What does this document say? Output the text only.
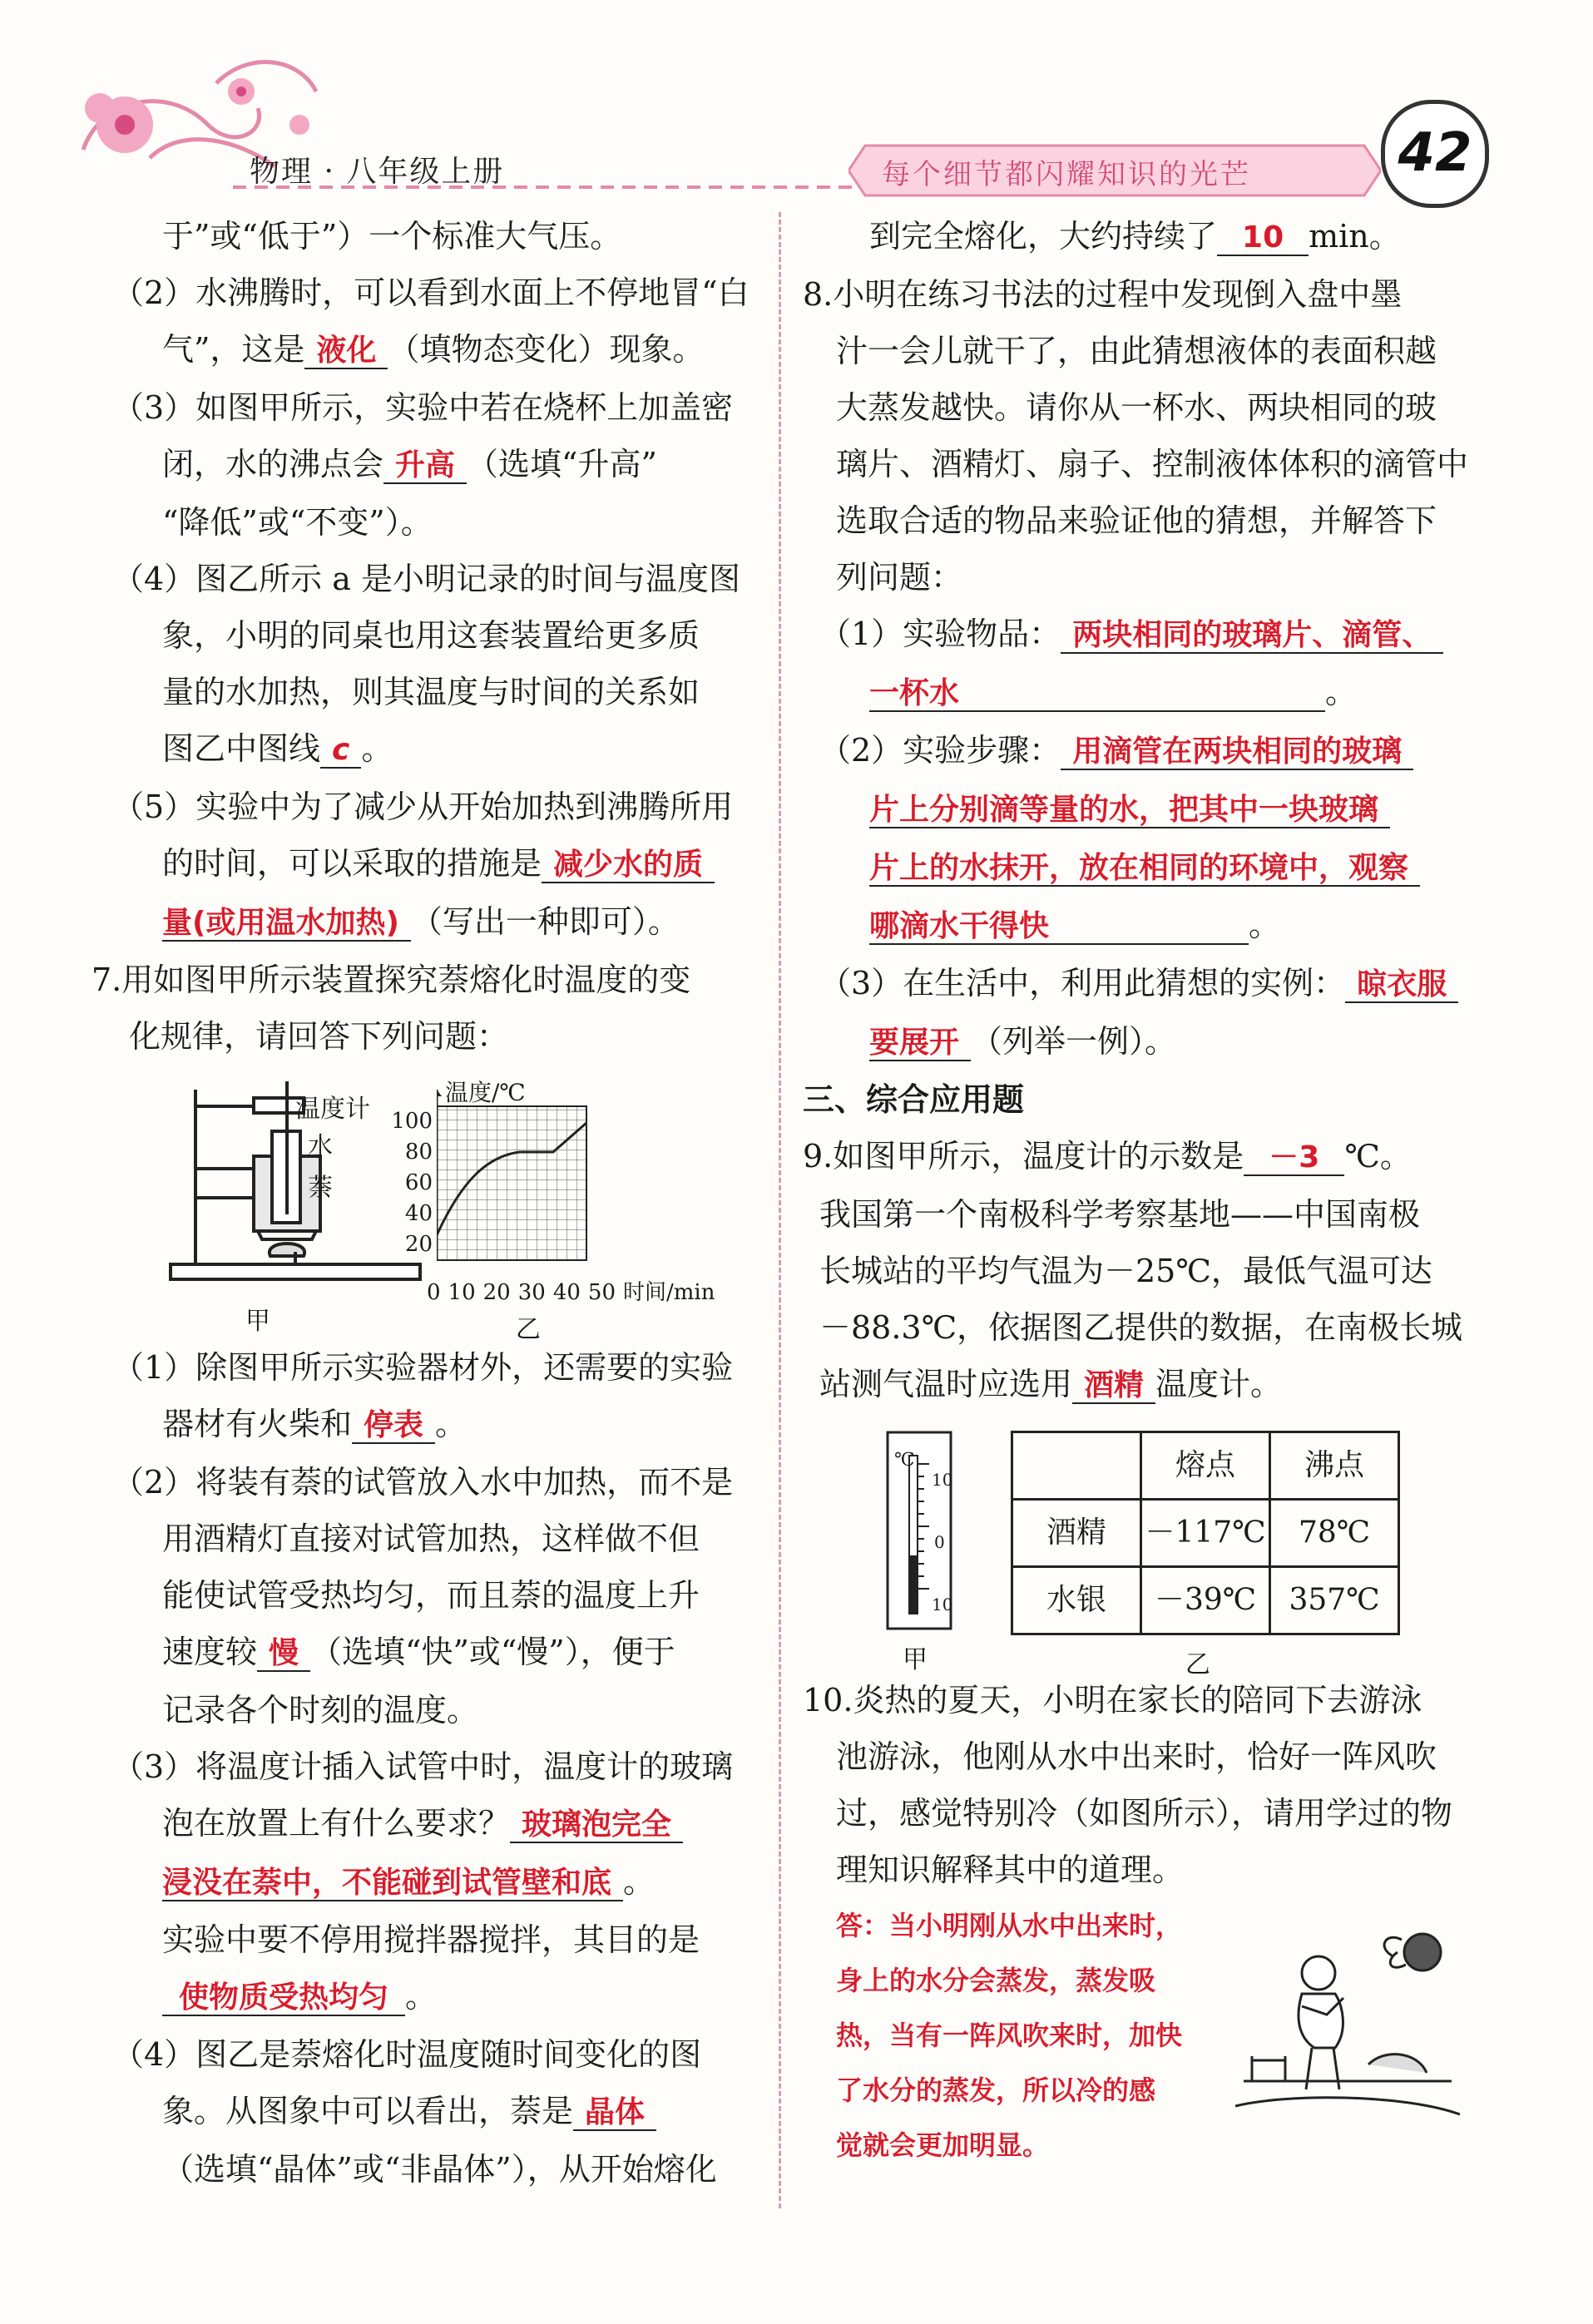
物理 · 八年级上册	每个细节都闪耀知识的光芒	42

于”或“低于”）一个标准大气压。

（2）水沸腾时，可以看到水面上不停地冒“白

气”，这是 液化 （填物态变化）现象。

（3）如图甲所示，实验中若在烧杯上加盖密

闭，水的沸点会 升高 （选填“升高”

“降低”或“不变”）。

（4）图乙所示 a 是小明记录的时间与温度图

象，小明的同桌也用这套装置给更多质

量的水加热，则其温度与时间的关系如

图乙中图线 c 。

（5）实验中为了减少从开始加热到沸腾所用

的时间，可以采取的措施是 减少水的质

量(或用温水加热) （写出一种即可）。

7.用如图甲所示装置探究萘熔化时温度的变

化规律，请回答下列问题：

温度计
水
萘
甲
温度/℃
100
80
60
40
20
0 10 20 30 40 50 时间/min
乙

（1）除图甲所示实验器材外，还需要的实验

器材有火柴和 停表 。

（2）将装有萘的试管放入水中加热，而不是

用酒精灯直接对试管加热，这样做不但

能使试管受热均匀，而且萘的温度上升

速度较 慢 （选填“快”或“慢”），便于

记录各个时刻的温度。

（3）将温度计插入试管中时，温度计的玻璃

泡在放置上有什么要求？ 玻璃泡完全

浸没在萘中，不能碰到试管壁和底 。

实验中要不停用搅拌器搅拌，其目的是

使物质受热均匀 。

（4）图乙是萘熔化时温度随时间变化的图

象。从图象中可以看出，萘是 晶体

（选填“晶体”或“非晶体”），从开始熔化

到完全熔化，大约持续了 10 min。

8.小明在练习书法的过程中发现倒入盘中墨

汁一会儿就干了，由此猜想液体的表面积越

大蒸发越快。请你从一杯水、两块相同的玻

璃片、酒精灯、扇子、控制液体体积的滴管中

选取合适的物品来验证他的猜想，并解答下

列问题：

（1）实验物品： 两块相同的玻璃片、滴管、

一杯水	。

（2）实验步骤： 用滴管在两块相同的玻璃

片上分别滴等量的水，把其中一块玻璃

片上的水抹开，放在相同的环境中，观察

哪滴水干得快	。

（3）在生活中，利用此猜想的实例： 晾衣服

要展开 （列举一例）。

三、综合应用题

9.如图甲所示，温度计的示数是 －3 ℃。

我国第一个南极科学考察基地——中国南极

长城站的平均气温为－25℃，最低气温可达

－88.3℃，依据图乙提供的数据，在南极长城

站测气温时应选用 酒精 温度计。

℃
10
0
10
甲
	熔点	沸点
酒精	－117℃	78℃
水银	－39℃	357℃
乙

10.炎热的夏天，小明在家长的陪同下去游泳

池游泳，他刚从水中出来时，恰好一阵风吹

过，感觉特别冷（如图所示），请用学过的物

理知识解释其中的道理。

答：当小明刚从水中出来时，
身上的水分会蒸发，蒸发吸
热，当有一阵风吹来时，加快
了水分的蒸发，所以冷的感
觉就会更加明显。
